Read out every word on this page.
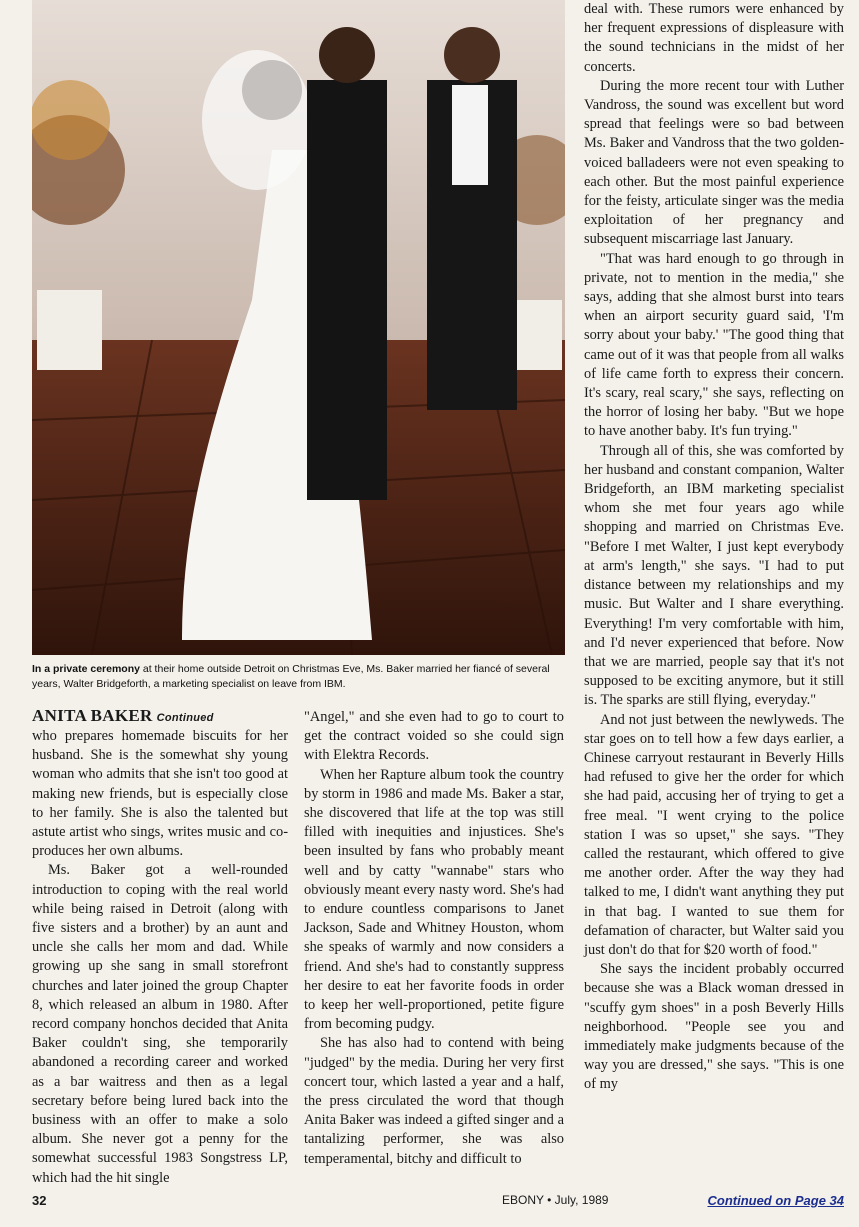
In a private ceremony at their home outside Detroit on Christmas Eve, Ms. Baker married her fiancé of several years, Walter Bridgeforth, a marketing specialist on leave from IBM.
ANITA BAKER Continued

who prepares homemade biscuits for her husband. She is the somewhat shy young woman who admits that she isn't too good at making new friends, but is especially close to her family. She is also the talented but astute artist who sings, writes music and co-produces her own albums.

Ms. Baker got a well-rounded introduction to coping with the real world while being raised in Detroit (along with five sisters and a brother) by an aunt and uncle she calls her mom and dad. While growing up she sang in small storefront churches and later joined the group Chapter 8, which released an album in 1980. After record company honchos decided that Anita Baker couldn't sing, she temporarily abandoned a recording career and worked as a bar waitress and then as a legal secretary before being lured back into the business with an offer to make a solo album. She never got a penny for the somewhat successful 1983 Songstress LP, which had the hit single

"Angel," and she even had to go to court to get the contract voided so she could sign with Elektra Records.

When her Rapture album took the country by storm in 1986 and made Ms. Baker a star, she discovered that life at the top was still filled with inequities and injustices. She's been insulted by fans who probably meant well and by catty "wannabe" stars who obviously meant every nasty word. She's had to endure countless comparisons to Janet Jackson, Sade and Whitney Houston, whom she speaks of warmly and now considers a friend. And she's had to constantly suppress her desire to eat her favorite foods in order to keep her well-proportioned, petite figure from becoming pudgy.

She has also had to contend with being "judged" by the media. During her very first concert tour, which lasted a year and a half, the press circulated the word that though Anita Baker was indeed a gifted singer and a tantalizing performer, she was also temperamental, bitchy and difficult to

deal with. These rumors were enhanced by her frequent expressions of displeasure with the sound technicians in the midst of her concerts.

During the more recent tour with Luther Vandross, the sound was excellent but word spread that feelings were so bad between Ms. Baker and Vandross that the two golden-voiced balladeers were not even speaking to each other. But the most painful experience for the feisty, articulate singer was the media exploitation of her pregnancy and subsequent miscarriage last January.

"That was hard enough to go through in private, not to mention in the media," she says, adding that she almost burst into tears when an airport security guard said, 'I'm sorry about your baby.' "The good thing that came out of it was that people from all walks of life came forth to express their concern. It's scary, real scary," she says, reflecting on the horror of losing her baby. "But we hope to have another baby. It's fun trying."

Through all of this, she was comforted by her husband and constant companion, Walter Bridgeforth, an IBM marketing specialist whom she met four years ago while shopping and married on Christmas Eve. "Before I met Walter, I just kept everybody at arm's length," she says. "I had to put distance between my relationships and my music. But Walter and I share everything. Everything! I'm very comfortable with him, and I'd never experienced that before. Now that we are married, people say that it's not supposed to be exciting anymore, but it still is. The sparks are still flying, everyday."

And not just between the newlyweds. The star goes on to tell how a few days earlier, a Chinese carryout restaurant in Beverly Hills had refused to give her the order for which she had paid, accusing her of trying to get a free meal. "I went crying to the police station I was so upset," she says. "They called the restaurant, which offered to give me another order. After the way they had talked to me, I didn't want anything they put in that bag. I wanted to sue them for defamation of character, but Walter said you just don't do that for $20 worth of food."

She says the incident probably occurred because she was a Black woman dressed in "scuffy gym shoes" in a posh Beverly Hills neighborhood. "People see you and immediately make judgments because of the way you are dressed," she says. "This is one of my

32	EBONY • July, 1989	Continued on Page 34
